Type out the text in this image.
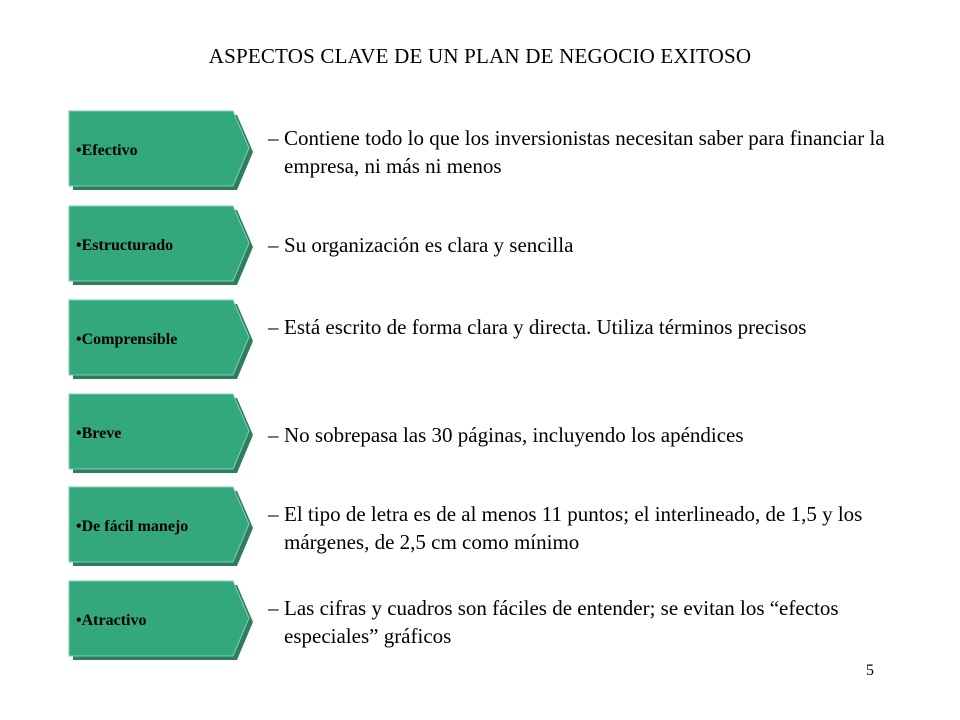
ASPECTOS CLAVE DE UN PLAN DE NEGOCIO EXITOSO
•Efectivo
– Contiene todo lo que los inversionistas necesitan saber para financiar la empresa, ni más ni menos
•Estructurado	– Su organización es clara y sencilla
•Comprensible
– Está escrito de forma clara y directa. Utiliza términos precisos
•Breve	– No sobrepasa las 30 páginas, incluyendo los apéndices
•De fácil manejo
– El tipo de letra es de al menos 11 puntos; el interlineado, de 1,5 y los márgenes, de 2,5 cm como mínimo
•Atractivo
– Las cifras y cuadros son fáciles de entender; se evitan los “efectos especiales” gráficos
5
